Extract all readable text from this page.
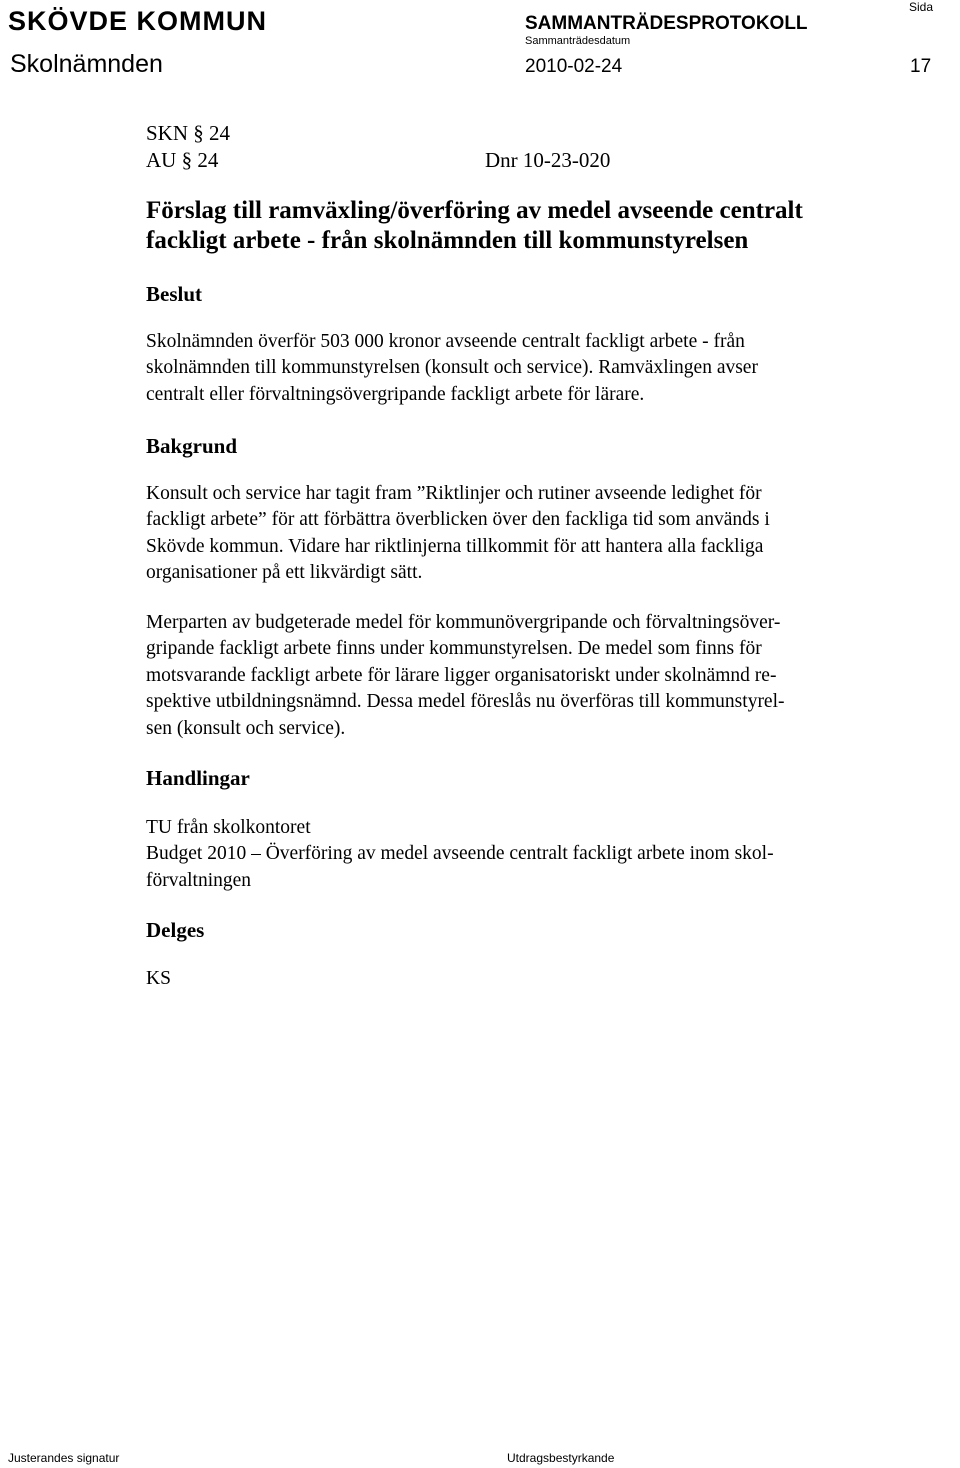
SKÖVDE KOMMUN	SAMMANTRÄDESPROTOKOLL
Sida
Sammanträdesdatum
Skolnämnden	2010-02-24	17
SKN § 24
AU § 24	Dnr 10-23-020
Förslag till ramväxling/överföring av medel avseende centralt
fackligt arbete - från skolnämnden till kommunstyrelsen
Beslut
Skolnämnden överför 503 000 kronor avseende centralt fackligt arbete - från
skolnämnden till kommunstyrelsen (konsult och service). Ramväxlingen avser
centralt eller förvaltningsövergripande fackligt arbete för lärare.
Bakgrund
Konsult och service har tagit fram ”Riktlinjer och rutiner avseende ledighet för
fackligt arbete” för att förbättra överblicken över den fackliga tid som används i
Skövde kommun. Vidare har riktlinjerna tillkommit för att hantera alla fackliga
organisationer på ett likvärdigt sätt.
Merparten av budgeterade medel för kommunövergripande och förvaltningsöver-
gripande fackligt arbete finns under kommunstyrelsen. De medel som finns för
motsvarande fackligt arbete för lärare ligger organisatoriskt under skolnämnd re-
spektive utbildningsnämnd. Dessa medel föreslås nu överföras till kommunstyrel-
sen (konsult och service).
Handlingar
TU från skolkontoret
Budget 2010 – Överföring av medel avseende centralt fackligt arbete inom skol-
förvaltningen
Delges
KS
Justerandes signatur	Utdragsbestyrkande
